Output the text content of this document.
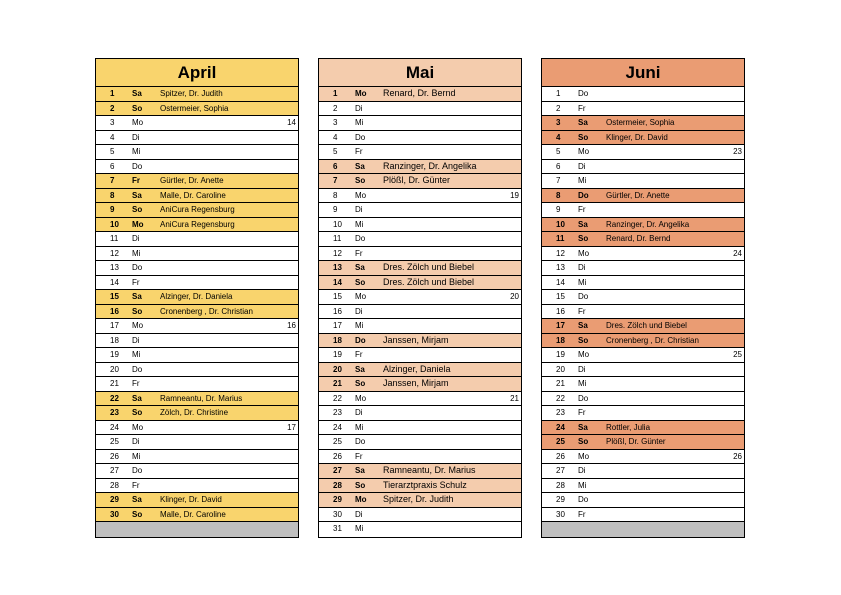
April
1 Sa Spitzer, Dr. Judith
2 So Ostermeier, Sophia
3 Mo	14
4 Di
5 Mi
6 Do
7 Fr	Gürtler, Dr. Anette
8 Sa Malle, Dr. Caroline
9 So AniCura Regensburg
10 Mo AniCura Regensburg
11 Di
12 Mi
13 Do
14 Fr
15 Sa Alzinger, Dr. Daniela
16 So Cronenberg , Dr. Christian
17 Mo	16
18 Di
19 Mi
20 Do
21 Fr
22 Sa Ramneantu, Dr. Marius
23 So Zölch, Dr. Christine
24 Mo	17
25 Di
26 Mi
27 Do
28 Fr
29 Sa Klinger, Dr. David
30 So Malle, Dr. Caroline
Mai
1 Mo Renard, Dr. Bernd
2 Di
3 Mi
4 Do
5 Fr
6 Sa Ranzinger, Dr. Angelika
7 So Plößl, Dr. Günter
8 Mo	19
9 Di
10 Mi
11 Do
12 Fr
13 Sa Dres. Zölch und Biebel
14 So Dres. Zölch und Biebel
15 Mo	20
16 Di
17 Mi
18 Do Janssen, Mirjam
19 Fr
20 Sa Alzinger, Daniela
21 So Janssen, Mirjam
22 Mo	21
23 Di
24 Mi
25 Do
26 Fr
27 Sa Ramneantu, Dr. Marius
28 So Tierarztpraxis Schulz
29 Mo Spitzer, Dr. Judith
30 Di
31 Mi
Juni
1 Do
2 Fr
3 Sa Ostermeier, Sophia
4 So Klinger, Dr. David
5 Mo	23
6 Di
7 Mi
8 Do Gürtler, Dr. Anette
9 Fr
10 Sa Ranzinger, Dr. Angelika
11 So Renard, Dr. Bernd
12 Mo	24
13 Di
14 Mi
15 Do
16 Fr
17 Sa Dres. Zölch und Biebel
18 So Cronenberg , Dr. Christian
19 Mo	25
20 Di
21 Mi
22 Do
23 Fr
24 Sa Rottler, Julia
25 So Plößl, Dr. Günter
26 Mo	26
27 Di
28 Mi
29 Do
30 Fr
